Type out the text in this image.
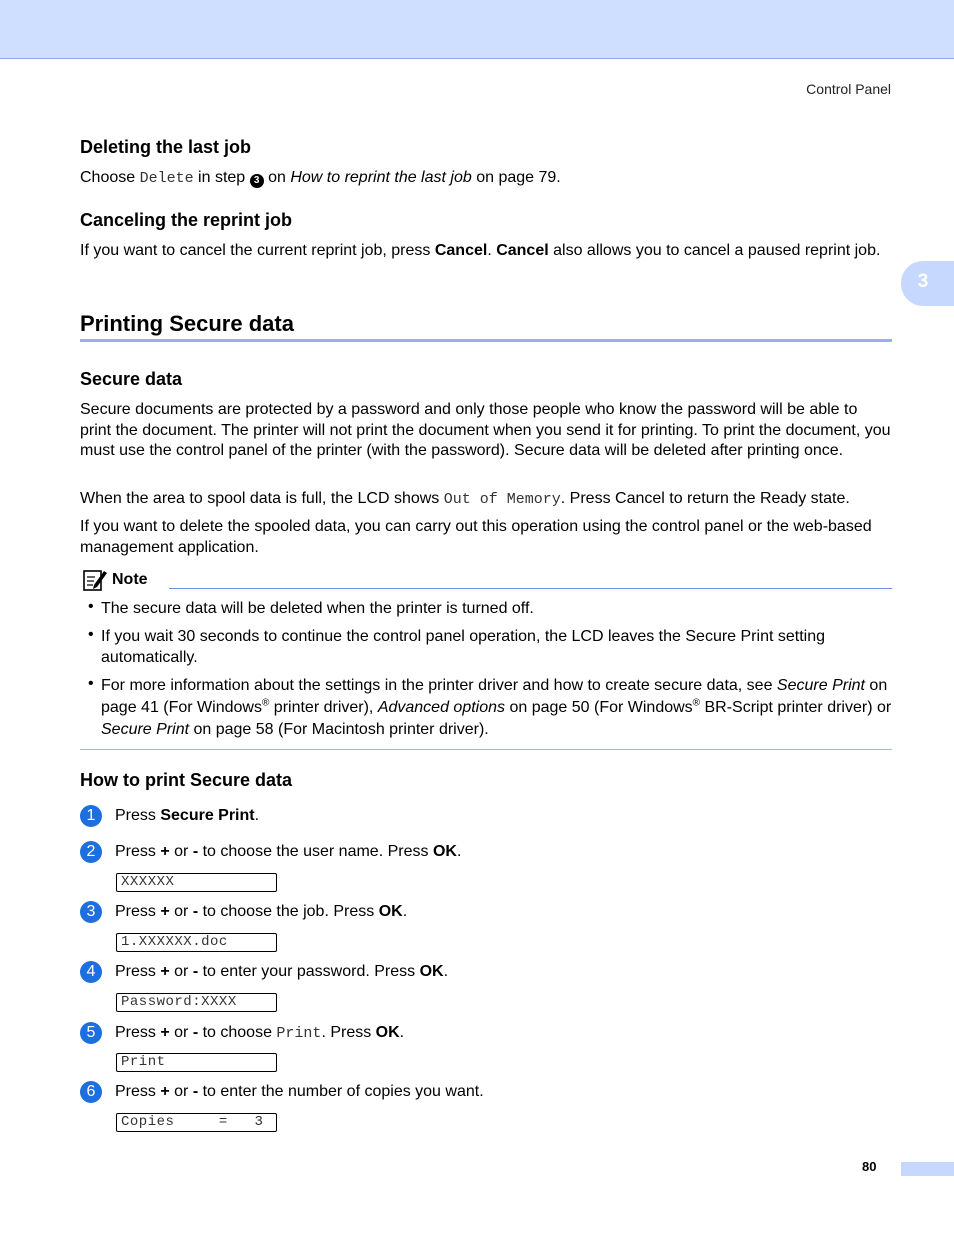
Control Panel
3
Deleting the last job

Choose Delete in step 3 on How to reprint the last job on page 79.

Canceling the reprint job

If you want to cancel the current reprint job, press Cancel. Cancel also allows you to cancel a paused reprint job.

Printing Secure data
Secure data

Secure documents are protected by a password and only those people who know the password will be able to print the document. The printer will not print the document when you send it for printing. To print the document, you must use the control panel of the printer (with the password). Secure data will be deleted after printing once.

When the area to spool data is full, the LCD shows Out of Memory. Press Cancel to return the Ready state.

If you want to delete the spooled data, you can carry out this operation using the control panel or the web-based management application.

Note
• The secure data will be deleted when the printer is turned off.
• If you wait 30 seconds to continue the control panel operation, the LCD leaves the Secure Print setting automatically.
• For more information about the settings in the printer driver and how to create secure data, see Secure Print on page 41 (For Windows® printer driver), Advanced options on page 50 (For Windows® BR-Script printer driver) or Secure Print on page 58 (For Macintosh printer driver).
How to print Secure data
1	Press Secure Print.
2	Press + or - to choose the user name. Press OK.
XXXXXX
3	Press + or - to choose the job. Press OK.
1.XXXXXX.doc
4	Press + or - to enter your password. Press OK.
Password:XXXX
5	Press + or - to choose Print. Press OK.
Print
6	Press + or - to enter the number of copies you want.
Copies     =   3
80
